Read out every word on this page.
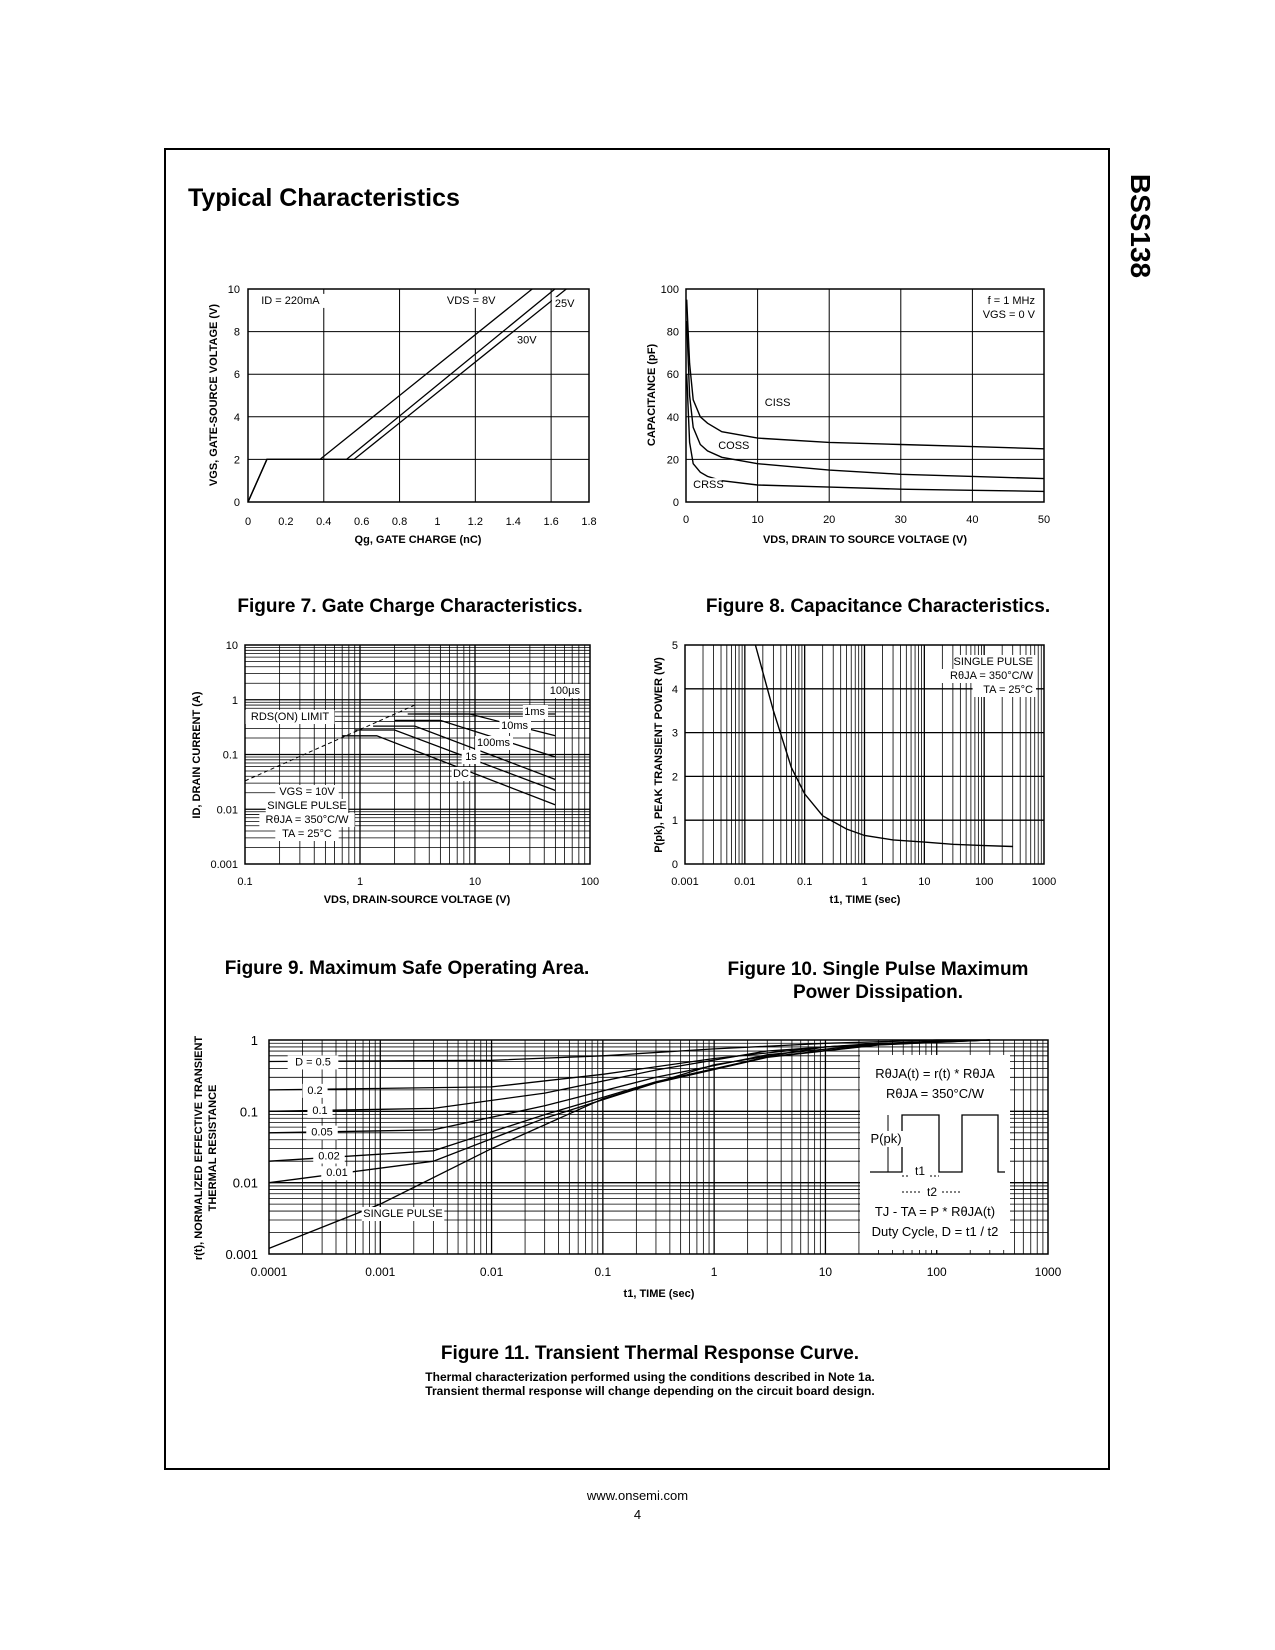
BSS138
Typical Characteristics
0 0.2 0.4 0.6 0.8 1 1.2 1.4 1.6 1.8
0
2
4
6
8
10
Qg, GATE CHARGE (nC)
VGS, GATE-SOURCE VOLTAGE (V)
ID = 220mA	VDS = 8V	25V
30V
0	10	20	30	40	50
0
20
40
60
80
100
VDS, DRAIN TO SOURCE VOLTAGE (V)
CAPACITANCE (pF)
f = 1 MHz
VGS = 0 V
CISS
COSS
CRSS
0.1	1	10	100
0.001
0.01
0.1
1
10
VDS, DRAIN-SOURCE VOLTAGE (V)
ID, DRAIN CURRENT (A)	RDS(ON) LIMIT
100µs
1ms
10ms
100ms
1s
DC
VGS = 10V
SINGLE PULSE
RθJA = 350°C/W
TA = 25°C
0.001	0.01	0.1	1	10	100	1000
0
1
2
3
4
5
t1, TIME (sec)
P(pk), PEAK TRANSIENT POWER (W)	SINGLE PULSE
RθJA = 350°C/W
TA = 25°C
0.0001	0.001	0.01	0.1	1	10	100	1000
0.001
0.01
0.1
1
t1, TIME (sec)
r(t), NORMALIZED EFFECTIVE TRANSIENT THERMAL RESISTANCE
D = 0.5
0.2
0.1
0.05
0.02
0.01
SINGLE PULSE
RθJA(t) = r(t) * RθJA
RθJA = 350°C/W
P(pk)
t1
t2
TJ - TA = P * RθJA(t)
Duty Cycle, D = t1 / t2
Figure 7. Gate Charge Characteristics.	Figure 8. Capacitance Characteristics.
Figure 9. Maximum Safe Operating Area.	Figure 10. Single Pulse Maximum
Power Dissipation.
Figure 11. Transient Thermal Response Curve.
Thermal characterization performed using the conditions described in Note 1a.
Transient thermal response will change depending on the circuit board design.
www.onsemi.com
4
